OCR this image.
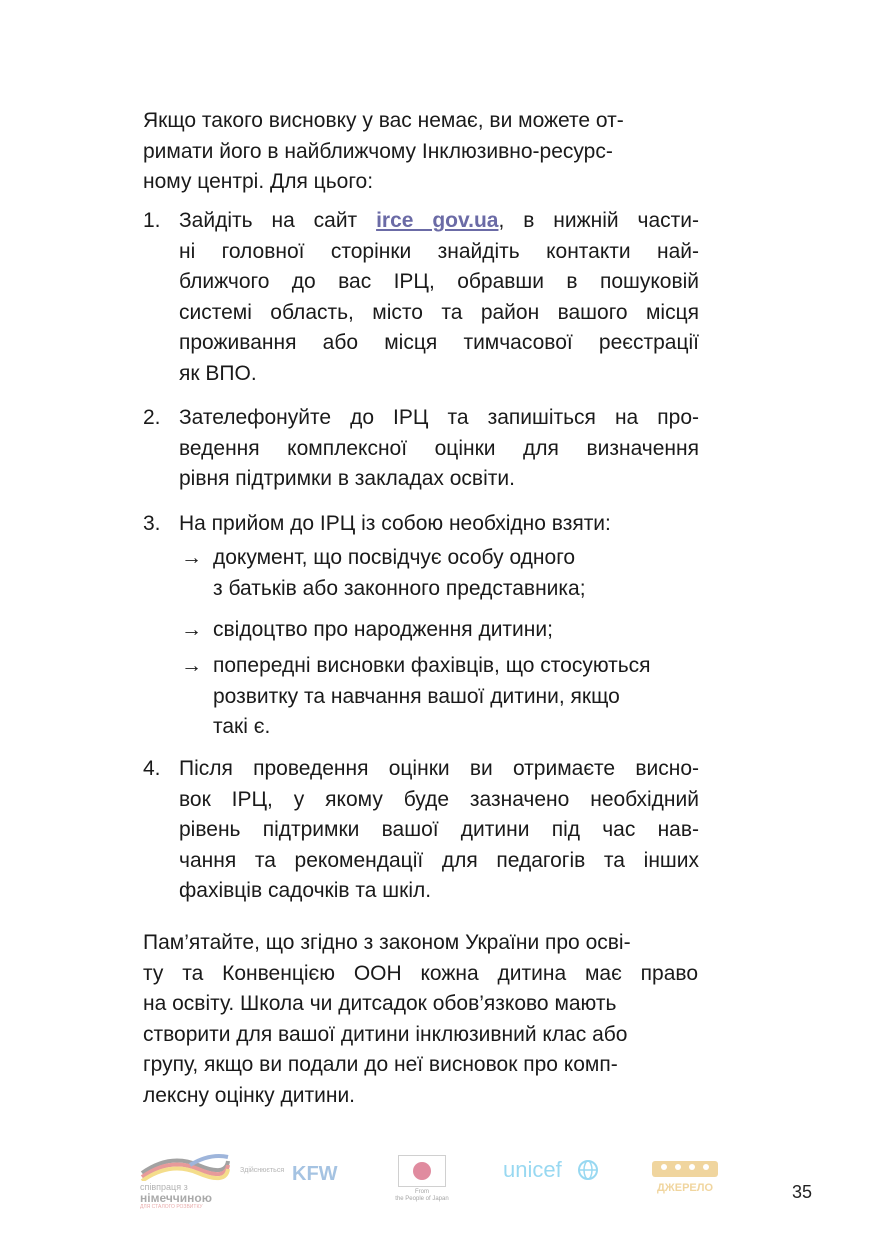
Якщо такого висновку у вас немає, ви можете от-
римати його в найближчому Інклюзивно-ресурс-
ному центрі. Для цього:
1. Зайдіть на сайт irce gov.ua, в нижній части-
ні головної сторінки знайдіть контакти най-
ближчого до вас ІРЦ, обравши в пошуковій
системі область, місто та район вашого місця
проживання або місця тимчасової реєстрації
як ВПО.
2. Зателефонуйте до ІРЦ та запишіться на про-
ведення комплексної оцінки для визначення
рівня підтримки в закладах освіти.
3. На прийом до ІРЦ із собою необхідно взяти:
4. Після проведення оцінки ви отримаєте висно-
вок ІРЦ, у якому буде зазначено необхідний
рівень підтримки вашої дитини під час нав-
чання та рекомендації для педагогів та інших
фахівців садочків та шкіл.
→ документ, що посвідчує особу одного
з батьків або законного представника;
→ свідоцтво про народження дитини;
→ попередні висновки фахівців, що стосуються
розвитку та навчання вашої дитини, якщо
такі є.
Пам’ятайте, що згідно з законом України про осві-
ту та Конвенцією ООН кожна дитина має право
на освіту. Школа чи дитсадок обов’язково мають
створити для вашої дитини інклюзивний клас або
групу, якщо ви подали до неї висновок про комп-
лексну оцінку дитини.
співпраця з
німеччиною
ДЛЯ СТАЛОГО РОЗВИТКУ
Здійснюється KFW
From
the People of Japan
unicef
ДЖЕРЕЛО	35
